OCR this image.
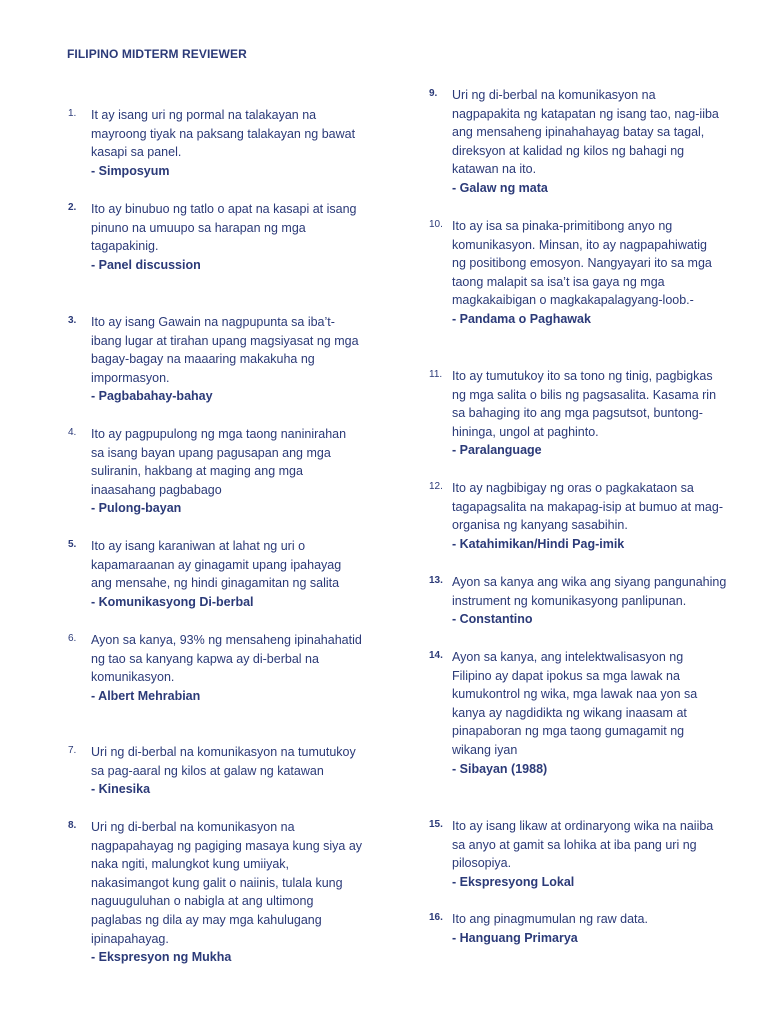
FILIPINO MIDTERM REVIEWER
1.	It ay isang uri ng pormal na talakayan na
mayroong tiyak na paksang talakayan ng bawat
kasapi sa panel.
- Simposyum
2.	Ito ay binubuo ng tatlo o apat na kasapi at isang
pinuno na umuupo sa harapan ng mga
tagapakinig.
- Panel discussion
3.	Ito ay isang Gawain na nagpupunta sa iba’t-
ibang lugar at tirahan upang magsiyasat ng mga
bagay-bagay na maaaring makakuha ng
impormasyon.
- Pagbabahay-bahay
4.	Ito ay pagpupulong ng mga taong naninirahan
sa isang bayan upang pagusapan ang mga
suliranin, hakbang at maging ang mga
inaasahang pagbabago
- Pulong-bayan
5.	Ito ay isang karaniwan at lahat ng uri o
kapamaraanan ay ginagamit upang ipahayag
ang mensahe, ng hindi ginagamitan ng salita
- Komunikasyong Di-berbal
6.	Ayon sa kanya, 93% ng mensaheng ipinahahatid
ng tao sa kanyang kapwa ay di-berbal na
komunikasyon.
- Albert Mehrabian
7.	Uri ng di-berbal na komunikasyon na tumutukoy
sa pag-aaral ng kilos at galaw ng katawan
- Kinesika
8.	Uri ng di-berbal na komunikasyon na
nagpapahayag ng pagiging masaya kung siya ay
naka ngiti, malungkot kung umiiyak,
nakasimangot kung galit o naiinis, tulala kung
naguuguluhan o nabigla at ang ultimong
paglabas ng dila ay may mga kahulugang
ipinapahayag.
- Ekspresyon ng Mukha
9.	Uri ng di-berbal na komunikasyon na
nagpapakita ng katapatan ng isang tao, nag-iiba
ang mensaheng ipinahahayag batay sa tagal,
direksyon at kalidad ng kilos ng bahagi ng
katawan na ito.
- Galaw ng mata
10. Ito ay isa sa pinaka-primitibong anyo ng
komunikasyon. Minsan, ito ay nagpapahiwatig
ng positibong emosyon. Nangyayari ito sa mga
taong malapit sa isa’t isa gaya ng mga
magkakaibigan o magkakapalagyang-loob.-
- Pandama o Paghawak
11. Ito ay tumutukoy ito sa tono ng tinig, pagbigkas
ng mga salita o bilis ng pagsasalita. Kasama rin
sa bahaging ito ang mga pagsutsot, buntong-
hininga, ungol at paghinto.
- Paralanguage
12. Ito ay nagbibigay ng oras o pagkakataon sa
tagapagsalita na makapag-isip at bumuo at mag-
organisa ng kanyang sasabihin.
- Katahimikan/Hindi Pag-imik
13. Ayon sa kanya ang wika ang siyang pangunahing
instrument ng komunikasyong panlipunan.
- Constantino
14. Ayon sa kanya, ang intelektwalisasyon ng
Filipino ay dapat ipokus sa mga lawak na
kumukontrol ng wika, mga lawak naa yon sa
kanya ay nagdidikta ng wikang inaasam at
pinapaboran ng mga taong gumagamit ng
wikang iyan
- Sibayan (1988)
15. Ito ay isang likaw at ordinaryong wika na naiiba
sa anyo at gamit sa lohika at iba pang uri ng
pilosopiya.
- Ekspresyong Lokal
16. Ito ang pinagmumulan ng raw data.
- Hanguang Primarya
